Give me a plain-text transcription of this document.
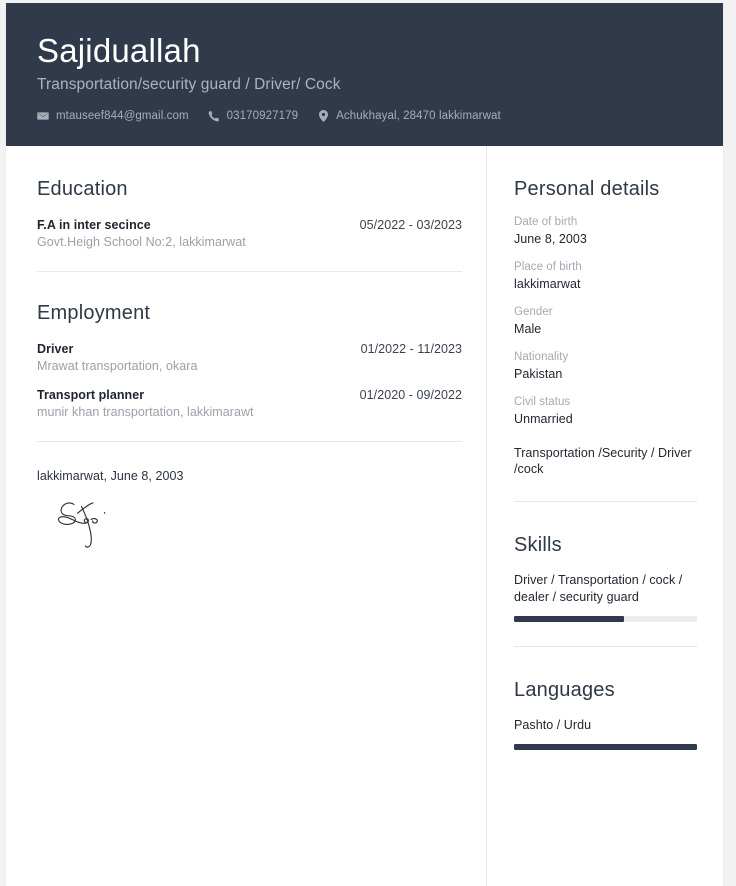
Sajiduallah
Transportation/security guard / Driver/ Cock
mtauseef844@gmail.com	03170927179	Achukhayal, 28470 lakkimarwat
Education
F.A in inter secince
Govt.Heigh School No:2, lakkimarwat
05/2022 - 03/2023
Employment
Driver
Mrawat transportation, okara
01/2022 - 11/2023
Transport planner
munir khan transportation, lakkimarawt
01/2020 - 09/2022
lakkimarwat, June 8, 2003
Personal details
Date of birth
June 8, 2003
Place of birth
lakkimarwat
Gender
Male
Nationality
Pakistan
Civil status
Unmarried
Transportation /Security / Driver /cock
Skills
Driver / Transportation / cock / dealer / security guard
Languages
Pashto / Urdu
